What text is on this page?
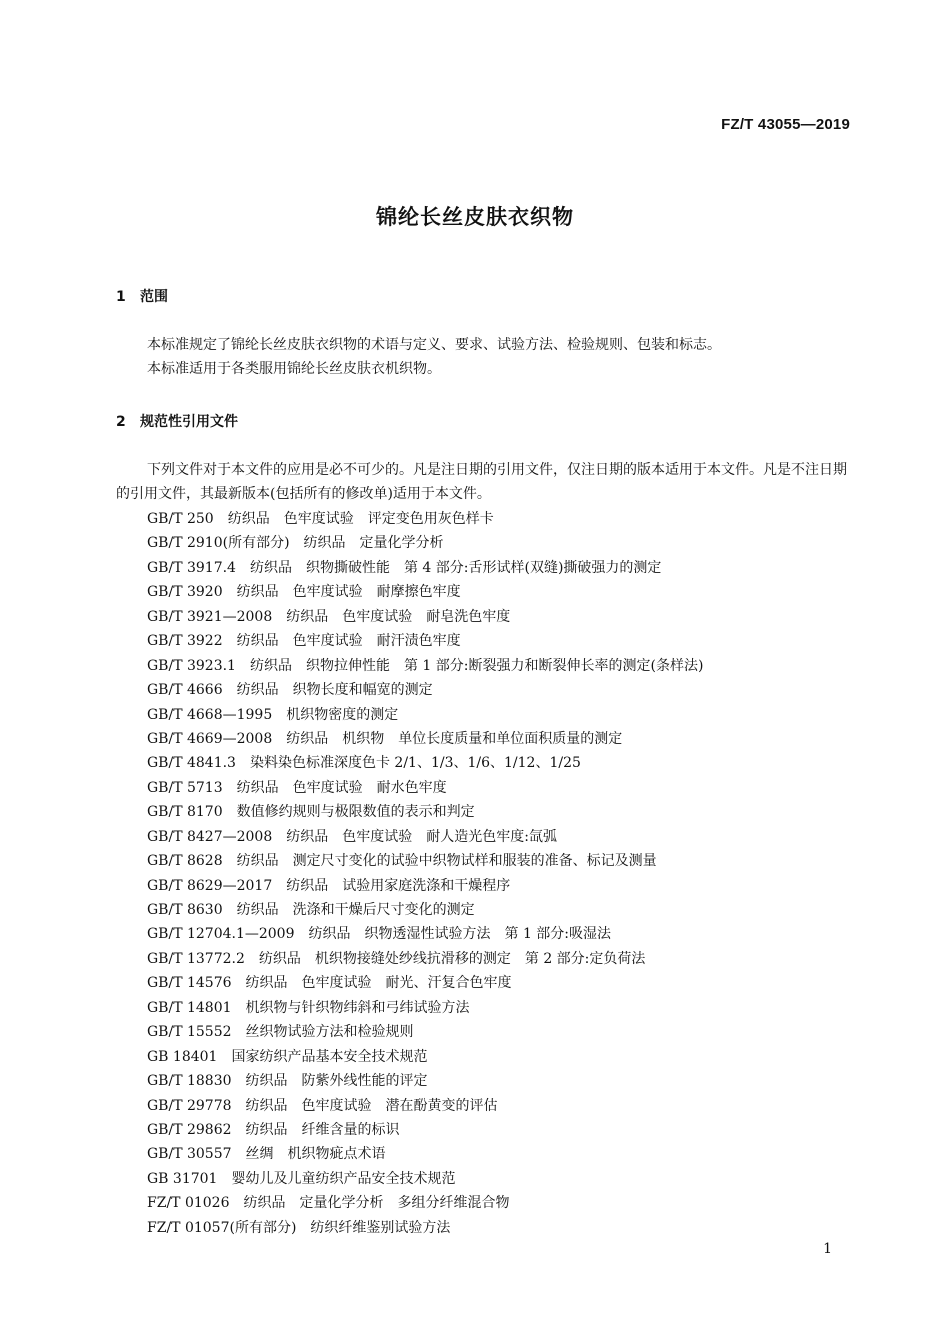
FZ/T 43055—2019
锦纶长丝皮肤衣织物
1 范围

本标准规定了锦纶长丝皮肤衣织物的术语与定义、要求、试验方法、检验规则、包装和标志。

本标准适用于各类服用锦纶长丝皮肤衣机织物。

2 规范性引用文件

下列文件对于本文件的应用是必不可少的。凡是注日期的引用文件，仅注日期的版本适用于本文件。凡是不注日期的引用文件，其最新版本(包括所有的修改单)适用于本文件。

GB/T 250　纺织品　色牢度试验　评定变色用灰色样卡
GB/T 2910(所有部分)　纺织品　定量化学分析
GB/T 3917.4　纺织品　织物撕破性能　第 4 部分:舌形试样(双缝)撕破强力的测定
GB/T 3920　纺织品　色牢度试验　耐摩擦色牢度
GB/T 3921—2008　纺织品　色牢度试验　耐皂洗色牢度
GB/T 3922　纺织品　色牢度试验　耐汗渍色牢度
GB/T 3923.1　纺织品　织物拉伸性能　第 1 部分:断裂强力和断裂伸长率的测定(条样法)
GB/T 4666　纺织品　织物长度和幅宽的测定
GB/T 4668—1995　机织物密度的测定
GB/T 4669—2008　纺织品　机织物　单位长度质量和单位面积质量的测定
GB/T 4841.3　染料染色标准深度色卡 2/1、1/3、1/6、1/12、1/25
GB/T 5713　纺织品　色牢度试验　耐水色牢度
GB/T 8170　数值修约规则与极限数值的表示和判定
GB/T 8427—2008　纺织品　色牢度试验　耐人造光色牢度:氙弧
GB/T 8628　纺织品　测定尺寸变化的试验中织物试样和服装的准备、标记及测量
GB/T 8629—2017　纺织品　试验用家庭洗涤和干燥程序
GB/T 8630　纺织品　洗涤和干燥后尺寸变化的测定
GB/T 12704.1—2009　纺织品　织物透湿性试验方法　第 1 部分:吸湿法
GB/T 13772.2　纺织品　机织物接缝处纱线抗滑移的测定　第 2 部分:定负荷法
GB/T 14576　纺织品　色牢度试验　耐光、汗复合色牢度
GB/T 14801　机织物与针织物纬斜和弓纬试验方法
GB/T 15552　丝织物试验方法和检验规则
GB 18401　国家纺织产品基本安全技术规范
GB/T 18830　纺织品　防紫外线性能的评定
GB/T 29778　纺织品　色牢度试验　潜在酚黄变的评估
GB/T 29862　纺织品　纤维含量的标识
GB/T 30557　丝绸　机织物疵点术语
GB 31701　婴幼儿及儿童纺织产品安全技术规范
FZ/T 01026　纺织品　定量化学分析　多组分纤维混合物
FZ/T 01057(所有部分)　纺织纤维鉴别试验方法
1
